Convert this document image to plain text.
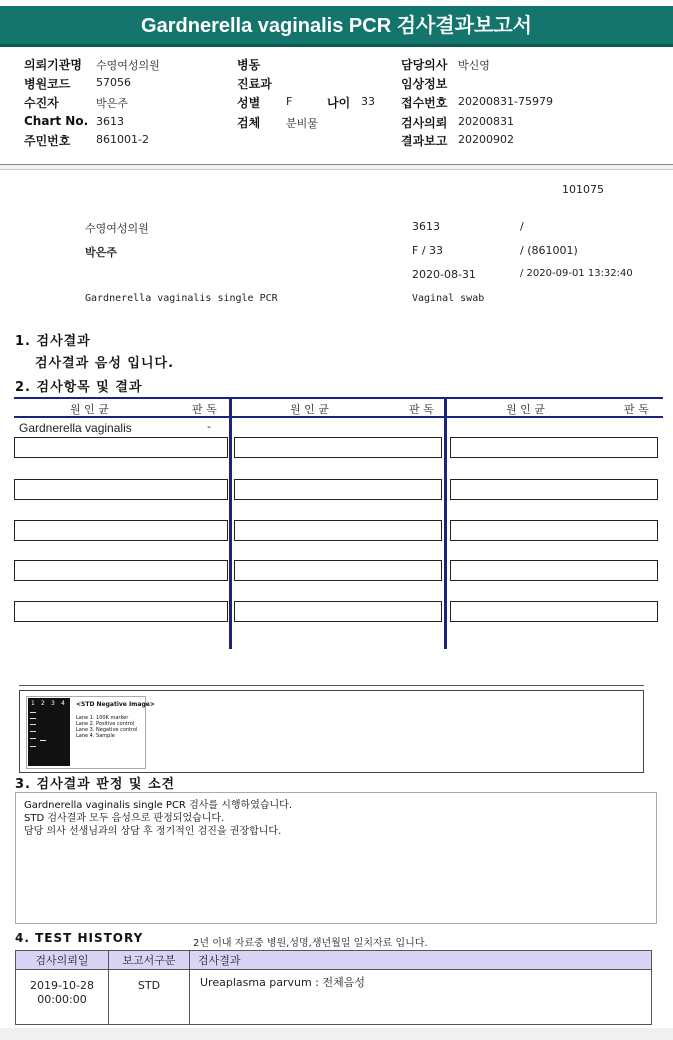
Gardnerella vaginalis PCR 검사결과보고서
의뢰기관명 수영여성의원
병원코드 57056
수진자	박은주
Chart No. 3613
주민번호 861001-2
병동
진료과
성별 F	나이 33
검체 분비물
담당의사 박신영
임상정보
접수번호 20200831-75979
검사의뢰 20200831
결과보고 20200902
101075
수영여성의원	3613	/
박은주	F / 33	/ (861001)
2020-08-31	/ 2020-09-01 13:32:40
Gardnerella vaginalis single PCR	Vaginal swab
1. 검사결과
검사결과 음성 입니다.
2. 검사항목 및 결과
원 인 균	판 독	원 인 균	판 독	원 인 균	판 독
Gardnerella vaginalis	-
1 2 3 4 <STD Negative Image>
Lane 1. 100K marker
Lane 2. Positive control
Lane 3. Negative control
Lane 4. Sample
3. 검사결과 판정 및 소견
Gardnerella vaginalis single PCR 검사를 시행하였습니다.
STD 검사결과 모두 음성으로 판정되었습니다.
담당 의사 선생님과의 상담 후 정기적인 검진을 권장합니다.
4. TEST HISTORY	2년 이내 자료중 병원,성명,생년월일 일치자료 입니다.
검사의뢰일	보고서구분	검사결과

2019-10-28
00:00:00	STD	Ureaplasma parvum : 전체음성
